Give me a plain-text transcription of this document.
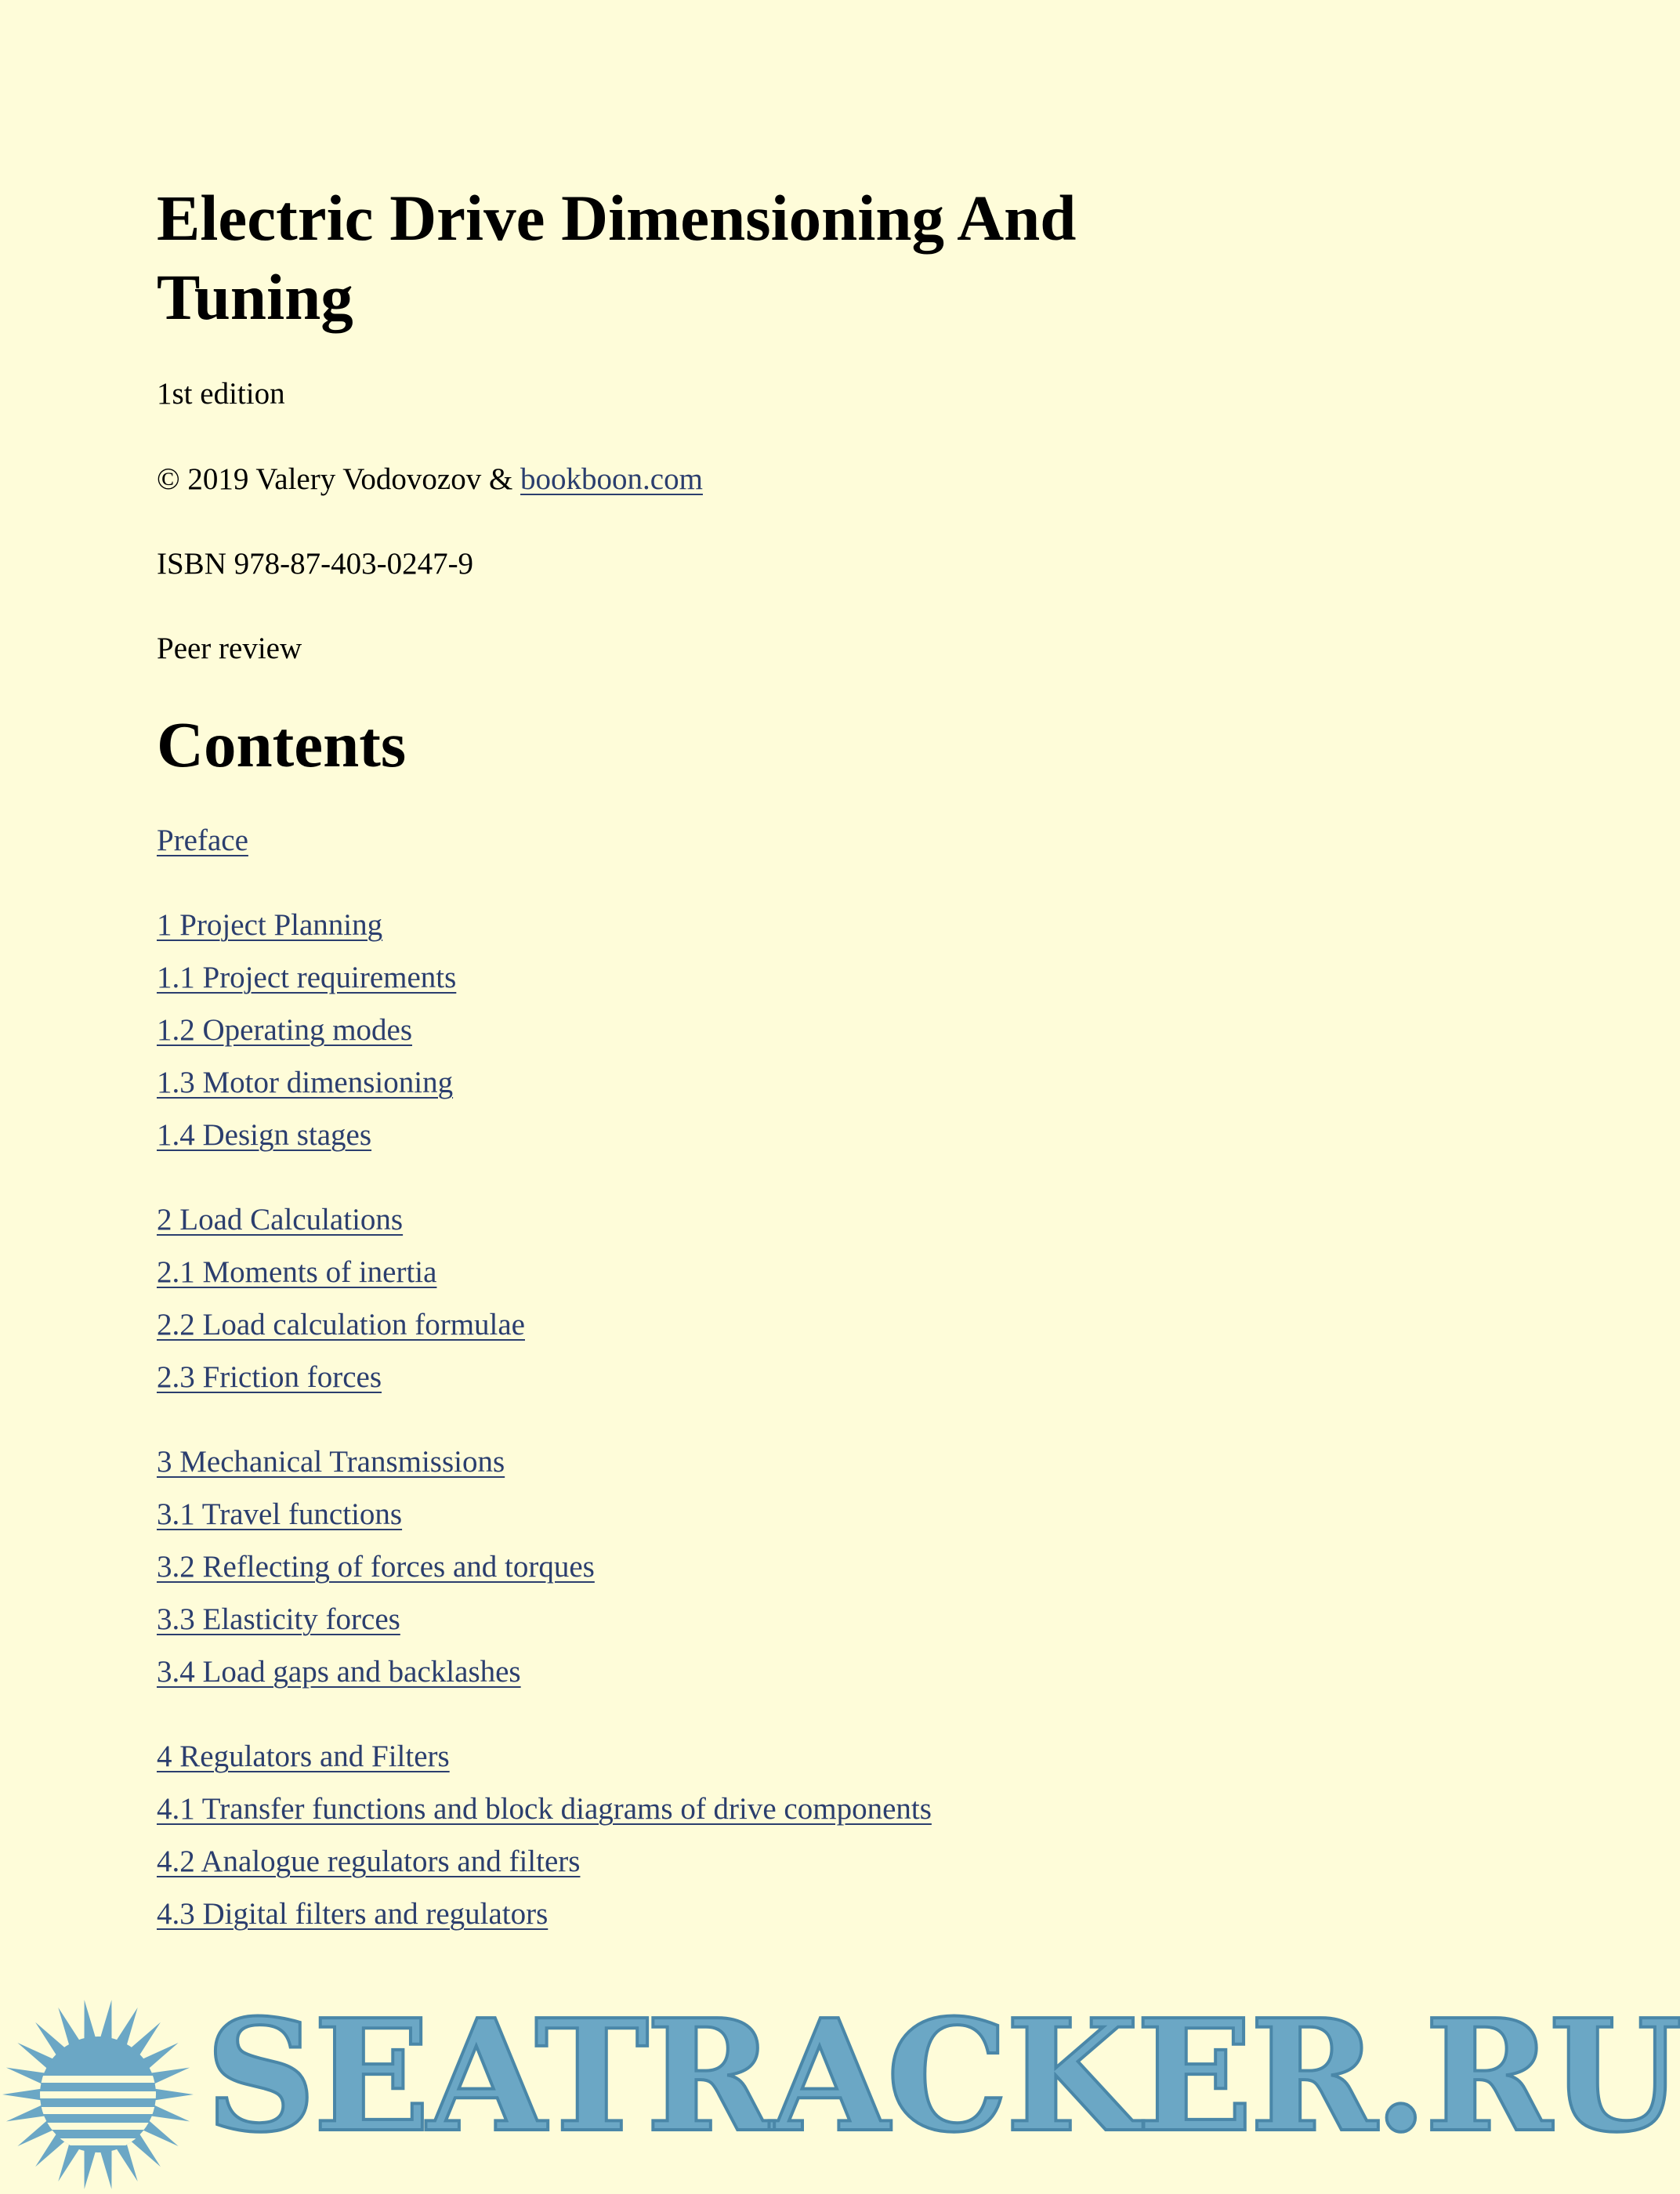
Electric Drive Dimensioning And Tuning

1st edition

© 2019 Valery Vodovozov & bookboon.com

ISBN 978-87-403-0247-9

Peer review

Contents
Preface
1 Project Planning
1.1 Project requirements
1.2 Operating modes
1.3 Motor dimensioning
1.4 Design stages
2 Load Calculations
2.1 Moments of inertia
2.2 Load calculation formulae
2.3 Friction forces
3 Mechanical Transmissions
3.1 Travel functions
3.2 Reflecting of forces and torques
3.3 Elasticity forces
3.4 Load gaps and backlashes
4 Regulators and Filters
4.1 Transfer functions and block diagrams of drive components
4.2 Analogue regulators and filters
4.3 Digital filters and regulators
SEATRACKER.RU
